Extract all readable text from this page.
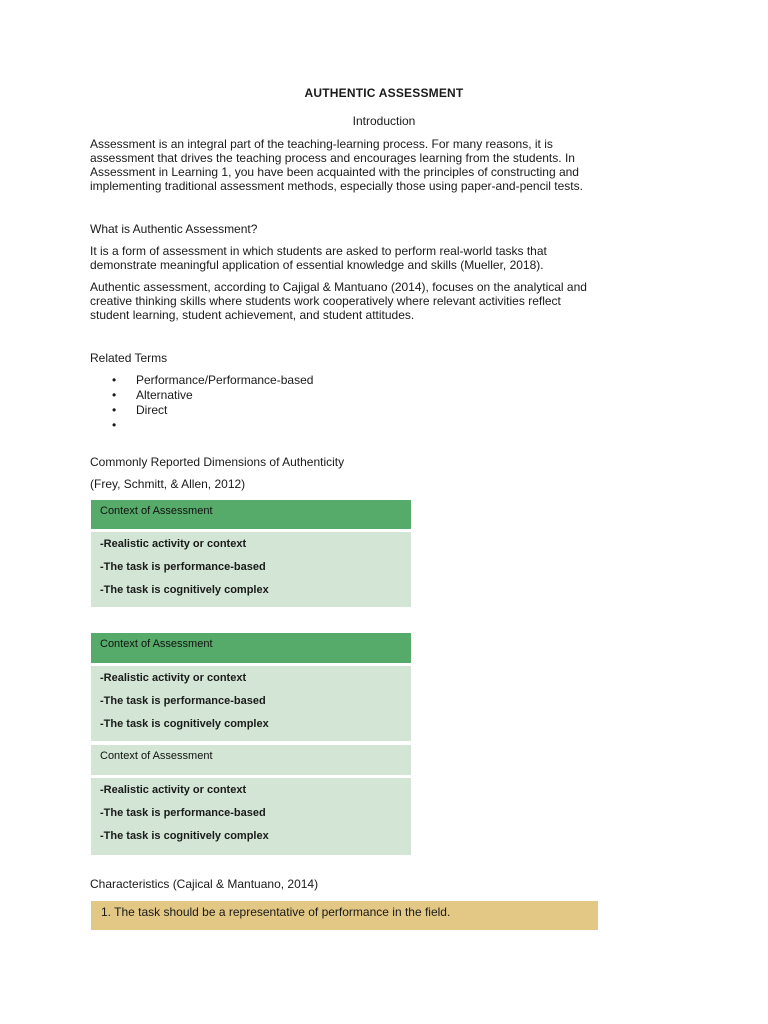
AUTHENTIC ASSESSMENT
Introduction
Assessment is an integral part of the teaching-learning process. For many reasons, it is
assessment that drives the teaching process and encourages learning from the students. In
Assessment in Learning 1, you have been acquainted with the principles of constructing and
implementing traditional assessment methods, especially those using paper-and-pencil tests.
What is Authentic Assessment?
It is a form of assessment in which students are asked to perform real-world tasks that
demonstrate meaningful application of essential knowledge and skills (Mueller, 2018).
Authentic assessment, according to Cajigal & Mantuano (2014), focuses on the analytical and
creative thinking skills where students work cooperatively where relevant activities reflect
student learning, student achievement, and student attitudes.
Related Terms
• Performance/Performance-based
• Alternative
• Direct
•
Commonly Reported Dimensions of Authenticity
(Frey, Schmitt, & Allen, 2012)
Context of Assessment
-Realistic activity or context
-The task is performance-based
-The task is cognitively complex
Context of Assessment
-Realistic activity or context
-The task is performance-based
-The task is cognitively complex
Context of Assessment
-Realistic activity or context
-The task is performance-based
-The task is cognitively complex
Characteristics (Cajical & Mantuano, 2014)
1. The task should be a representative of performance in the field.
